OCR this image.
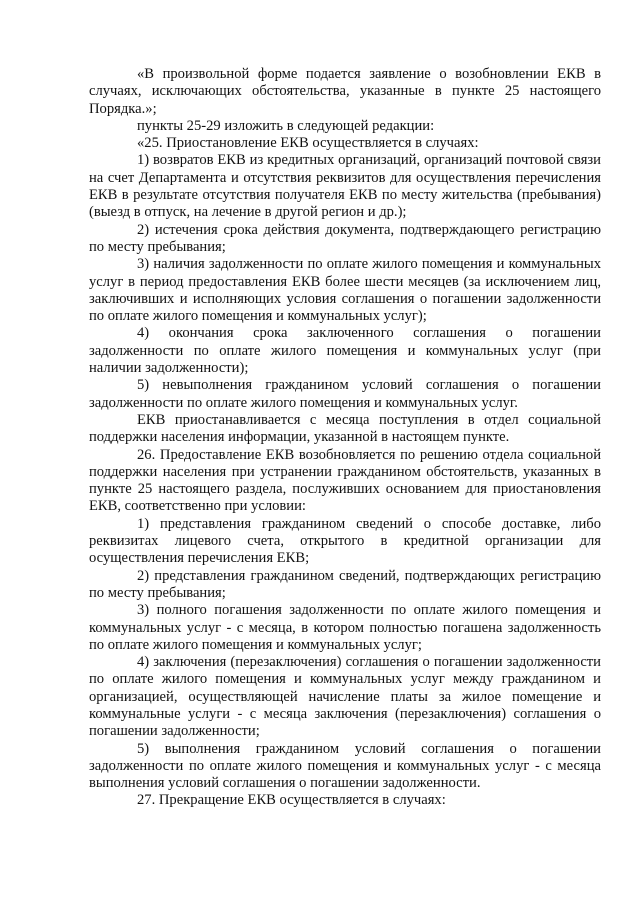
«В произвольной форме подается заявление о возобновлении ЕКВ в случаях, исключающих обстоятельства, указанные в пункте 25 настоящего Порядка.»;

пункты 25-29 изложить в следующей редакции:

«25. Приостановление ЕКВ осуществляется в случаях:

1) возвратов ЕКВ из кредитных организаций, организаций почтовой связи на счет Департамента и отсутствия реквизитов для осуществления перечисления ЕКВ в результате отсутствия получателя ЕКВ по месту жительства (пребывания) (выезд в отпуск, на лечение в другой регион и др.);

2) истечения срока действия документа, подтверждающего регистрацию по месту пребывания;

3) наличия задолженности по оплате жилого помещения и коммунальных услуг в период предоставления ЕКВ более шести месяцев (за исключением лиц, заключивших и исполняющих условия соглашения о погашении задолженности по оплате жилого помещения и коммунальных услуг);

4) окончания срока заключенного соглашения о погашении задолженности по оплате жилого помещения и коммунальных услуг (при наличии задолженности);

5) невыполнения гражданином условий соглашения о погашении задолженности по оплате жилого помещения и коммунальных услуг.

ЕКВ приостанавливается с месяца поступления в отдел социальной поддержки населения информации, указанной в настоящем пункте.

26. Предоставление ЕКВ возобновляется по решению отдела социальной поддержки населения при устранении гражданином обстоятельств, указанных в пункте 25 настоящего раздела, послуживших основанием для приостановления ЕКВ, соответственно при условии:

1) представления гражданином сведений о способе доставке, либо реквизитах лицевого счета, открытого в кредитной организации для осуществления перечисления ЕКВ;

2) представления гражданином сведений, подтверждающих регистрацию по месту пребывания;

3) полного погашения задолженности по оплате жилого помещения и коммунальных услуг - с месяца, в котором полностью погашена задолженность по оплате жилого помещения и коммунальных услуг;

4) заключения (перезаключения) соглашения о погашении задолженности по оплате жилого помещения и коммунальных услуг между гражданином и организацией, осуществляющей начисление платы за жилое помещение и коммунальные услуги - с месяца заключения (перезаключения) соглашения о погашении задолженности;

5) выполнения гражданином условий соглашения о погашении задолженности по оплате жилого помещения и коммунальных услуг - с месяца выполнения условий соглашения о погашении задолженности.

27. Прекращение ЕКВ осуществляется в случаях:
